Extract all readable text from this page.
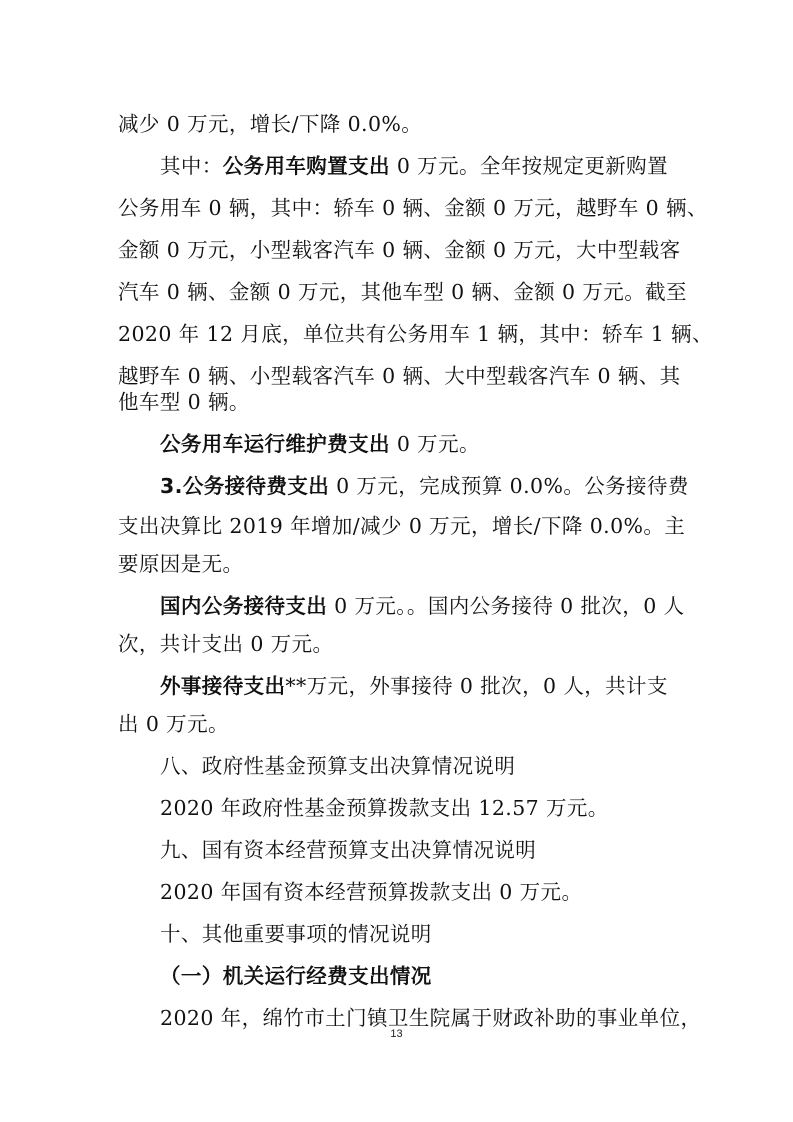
减少 0 万元，增长/下降 0.0%。
其中：公务用车购置支出 0 万元。全年按规定更新购置
公务用车 0 辆，其中：轿车 0 辆、金额 0 万元，越野车 0 辆、
金额 0 万元，小型载客汽车 0 辆、金额 0 万元，大中型载客
汽车 0 辆、金额 0 万元，其他车型 0 辆、金额 0 万元。截至
2020 年 12 月底，单位共有公务用车 1 辆，其中：轿车 1 辆、
越野车 0 辆、小型载客汽车 0 辆、大中型载客汽车 0 辆、其
他车型 0 辆。
公务用车运行维护费支出 0 万元。
3.公务接待费支出 0 万元，完成预算 0.0%。公务接待费
支出决算比 2019 年增加/减少 0 万元，增长/下降 0.0%。主
要原因是无。
国内公务接待支出 0 万元。。国内公务接待 0 批次，0 人
次，共计支出 0 万元。
外事接待支出**万元，外事接待 0 批次，0 人，共计支
出 0 万元。
八、政府性基金预算支出决算情况说明
2020 年政府性基金预算拨款支出 12.57 万元。
九、国有资本经营预算支出决算情况说明
2020 年国有资本经营预算拨款支出 0 万元。
十、其他重要事项的情况说明
（一）机关运行经费支出情况
2020 年，绵竹市土门镇卫生院属于财政补助的事业单位，
13
